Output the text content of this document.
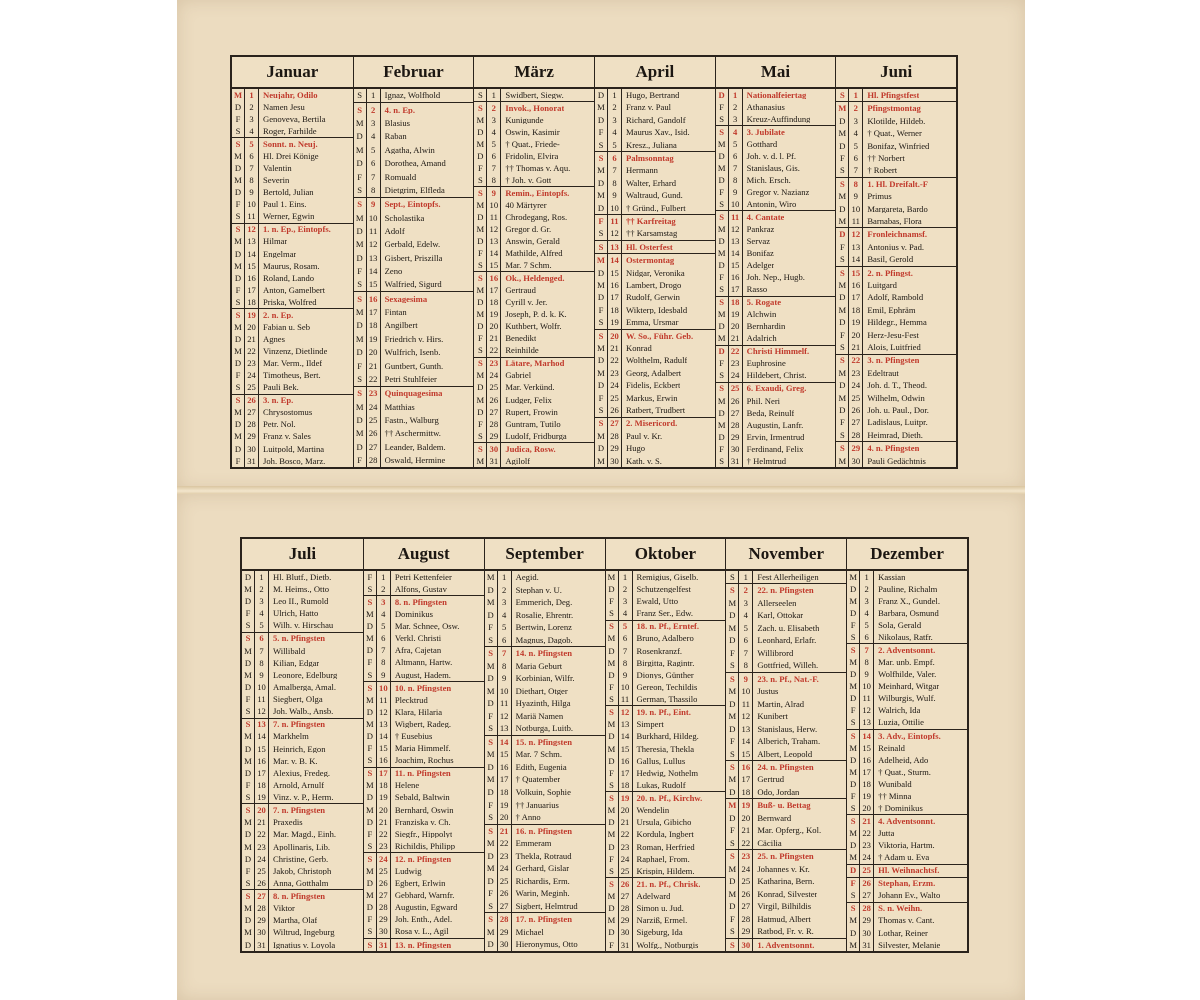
Januar
M 1	Neujahr, Odilo
D 2	Namen Jesu
F	3	Genoveva, Bertila
S	4	Roger, Farhilde
S	5	Sonnt. n. Neuj.
M 6	Hl. Drei Könige
D 7	Valentin
M 8	Severin
D 9	Bertold, Julian
F 10 Paul 1. Eins.
S 11 Werner, Egwin
S 12 1. n. Ep., Eintopfs.
M 13 Hilmar
D 14 Engelmar
M 15 Maurus, Rosam.
D 16 Roland, Lando
F 17 Anton, Gamelbert
S 18 Priska, Wolfred
S 19 2. n. Ep.
M 20 Fabian u. Seb
D 21 Agnes
M 22 Vinzenz, Dietlinde
D 23 Mar. Verm., Ildef
F 24 Timotheus, Bert.
S 25 Pauli Bek.
S 26 3. n. Ep.
M 27 Chrysostomus
D 28 Petr. Nol.
M 29 Franz v. Sales
D 30 Luitpold, Martina
F 31 Joh. Bosco, Marz.
Februar
S	1	Ignaz, Wolfhold
S	2	4. n. Ep.
M 3	Blasius
D 4	Raban
M 5	Agatha, Alwin
D 6	Dorothea, Amand
F	7	Romuald
S	8	Dietgrim, Elfleda
S	9	Sept., Eintopfs.
M 10 Scholastika
D 11 Adolf
M 12 Gerbald, Edelw.
D 13 Gisbert, Priszilla
F 14 Zeno
S 15 Walfried, Sigurd
S 16 Sexagesima
M 17 Fintan
D 18 Angilbert
M 19 Friedrich v. Hirs.
D 20 Wulfrich, Isenb.
F 21 Guntbert, Gunth.
S 22 Petri Stuhlfeier
S 23 Quinquagesima
M 24 Matthias
D 25 Fastn., Walburg
M 26 †† Aschermittw.
D 27 Leander, Baldem.
F 28 Oswald, Hermine
März
S	1	Swidbert, Siegw.
S	2	Invok., Honorat
M 3	Kunigunde
D 4	Oswin, Kasimir
M 5	† Quat., Friede-
D 6	Fridolin, Elvira
F	7	†† Thomas v. Aqu.
S	8	† Joh. v. Gott
S	9	Remin., Eintopfs.
M 10 40 Märtyrer
D 11 Chrodegang, Ros.
M 12 Gregor d. Gr.
D 13 Answin, Gerald
F 14 Mathilde, Alfred
S 15 Mar. 7 Schm.
S 16 Ok., Heldenged.
M 17 Gertraud
D 18 Cyrill v. Jer.
M 19 Joseph, P. d. k. K.
D 20 Kuthbert, Wolfr.
F 21 Benedikt
S 22 Reinhilde
S 23 Lätare, Marhod
M 24 Gabriel
D 25 Mar. Verkünd.
M 26 Ludger, Felix
D 27 Rupert, Frowin
F 28 Guntram, Tutilo
S 29 Ludolf, Fridburga
S 30 Judica, Rosw.
M 31 Agilolf
April
D 1	Hugo, Bertrand
M 2	Franz v. Paul
D 3	Richard, Gandolf
F	4	Maurus Xav., Isid.
S	5	Kresz., Juliana
S	6	Palmsonntag
M 7	Hermann
D 8	Walter, Erhard
M 9	Waltraud, Gund.
D 10 † Gründ., Fulbert
F 11 †† Karfreitag
S 12 †† Karsamstag
S 13 Hl. Osterfest
M 14 Ostermontag
D 15 Nidgar, Veronika
M 16 Lambert, Drogo
D 17 Rudolf, Gerwin
F 18 Wikterp, Idesbald
S 19 Emma, Ursmar
S 20 W. So., Führ. Geb.
M 21 Konrad
D 22 Wolthelm, Radulf
M 23 Georg, Adalbert
D 24 Fidelis, Eckbert
F 25 Markus, Erwin
S 26 Ratbert, Trudbert
S 27 2. Misericord.
M 28 Paul v. Kr.
D 29 Hugo
M 30 Kath. v. S.
Mai
D 1	Nationalfeiertag
F	2	Athanasius
S	3	Kreuz-Auffindung
S	4	3. Jubilate
M 5	Gotthard
D 6	Joh. v. d. l. Pf.
M 7	Stanislaus, Gis.
D 8	Mich. Ersch.
F	9	Gregor v. Nazianz
S 10 Antonin, Wiro
S 11 4. Cantate
M 12 Pankraz
D 13 Servaz
M 14 Bonifaz
D 15 Adelger
F 16 Joh. Nep., Hugb.
S 17 Rasso
S 18 5. Rogate
M 19 Alchwin
D 20 Bernhardin
M 21 Adalrich
D 22 Christi Himmelf.
F 23 Euphrosine
S 24 Hildebert, Christ.
S 25 6. Exaudi, Greg.
M 26 Phil. Neri
D 27 Beda, Reinulf
M 28 Augustin, Lanfr.
D 29 Ervin, Irmentrud
F 30 Ferdinand, Felix
S 31 † Helmtrud
Juni
S	1	Hl. Pfingstfest
M 2	Pfingstmontag
D 3	Klotilde, Hildeb.
M 4	† Quat., Werner
D 5	Bonifaz, Winfried
F	6	†† Norbert
S	7	† Robert
S	8	1. Hl. Dreifalt.-F
M 9	Primus
D 10 Margareta, Bardo
M 11 Barnabas, Flora
D 12 Fronleichnamsf.
F 13 Antonius v. Pad.
S 14 Basil, Gerold
S 15 2. n. Pfingst.
M 16 Luitgard
D 17 Adolf, Rambold
M 18 Emil, Ephräm
D 19 Hildegr., Hemma
F 20 Herz-Jesu-Fest
S 21 Alois, Luitfried
S 22 3. n. Pfingsten
M 23 Edeltraut
D 24 Joh. d. T., Theod.
M 25 Wilhelm, Odwin
D 26 Joh. u. Paul., Dor.
F 27 Ladislaus, Luitpr.
S 28 Heimrad, Dieth.
S 29 4. n. Pfingsten
M 30 Pauli Gedächtnis
Juli
D 1	Hl. Blutf., Dietb.
M 2	M. Heims., Otto
D 3	Leo II., Rumold
F	4	Ulrich, Hatto
S	5	Wilh. v. Hirschau
S	6	5. n. Pfingsten
M 7	Willibald
D 8	Kilian, Edgar
M 9	Leonore, Edelburg
D 10 Amalberga, Amal.
F 11 Siegbert, Olga
S 12 Joh. Walb., Ansb.
S 13 7. n. Pfingsten
M 14 Markhelm
D 15 Heinrich, Egon
M 16 Mar. v. B. K.
D 17 Alexius, Fredeg.
F 18 Arnold, Arnulf
S 19 Vinz. v. P., Herm.
S 20 7. n. Pfingsten
M 21 Praxedis
D 22 Mar. Magd., Einh.
M 23 Apollinaris, Lib.
D 24 Christine, Gerb.
F 25 Jakob, Christoph
S 26 Anna, Gotthalm
S 27 8. n. Pfingsten
M 28 Viktor
D 29 Martha, Olaf
M 30 Wiltrud, Ingeburg
D 31 Ignatius v. Loyola
August
F	1	Petri Kettenfeier
S	2	Alfons, Gustav
S	3	8. n. Pfingsten
M 4	Dominikus
D 5	Mar. Schnee, Osw.
M 6	Verkl. Christi
D 7	Afra, Cajetan
F	8	Altmann, Hartw.
S	9	August, Hadem.
S 10 10. n. Pfingsten
M 11 Plecktrud
D 12 Klara, Hilaria
M 13 Wigbert, Radeg.
D 14 † Eusebius
F 15 Maria Himmelf.
S 16 Joachim, Rochus
S 17 11. n. Pfingsten
M 18 Helene
D 19 Sebald, Baltwin
M 20 Bernhard, Oswin
D 21 Franziska v. Ch.
F 22 Siegfr., Hippolyt
S 23 Richildis, Philipp
S 24 12. n. Pfingsten
M 25 Ludwig
D 26 Egbert, Erlwin
M 27 Gebhard, Warnfr.
D 28 Augustin, Egward
F 29 Joh. Enth., Adel.
S 30 Rosa v. L., Agil
S 31 13. n. Pfingsten
September
M 1	Aegid.
D 2	Stephan v. U.
M 3	Emmerich, Deg.
D 4	Rosalie, Ehrentr.
F	5	Bertwin, Lorenz
S	6	Magnus, Dagob.
S	7	14. n. Pfingsten
M 8	Maria Geburt
D 9	Korbinian, Wilfr.
M 10 Diethart, Otger
D 11 Hyazinth, Hilga
F 12 Mariä Namen
S 13 Notburga, Luitb.
S 14 15. n. Pfingsten
M 15 Mar. 7 Schm.
D 16 Edith, Eugenia
M 17 † Quatember
D 18 Volkuin, Sophie
F 19 †† Januarius
S 20 † Anno
S 21 16. n. Pfingsten
M 22 Emmeram
D 23 Thekla, Rotraud
M 24 Gerhard, Gislar
D 25 Richardis, Erm.
F 26 Warin, Meginh.
S 27 Sigbert, Helmtrud
S 28 17. n. Pfingsten
M 29 Michael
D 30 Hieronymus, Otto
Oktober
M 1	Remigius, Giselb.
D 2	Schutzengelfest
F	3	Ewald, Utto
S	4	Franz Ser., Edw.
S	5	18. n. Pf., Erntef.
M 6	Bruno, Adalbero
D 7	Rosenkranzf.
M 8	Birgitta, Ragintr.
D 9	Dionys, Günther
F 10 Gereon, Techildis
S 11 German, Thassilo
S 12 19. n. Pf., Eint.
M 13 Simpert
D 14 Burkhard, Hildeg.
M 15 Theresia, Thekla
D 16 Gallus, Lullus
F 17 Hedwig, Nothelm
S 18 Lukas, Rudolf
S 19 20. n. Pf., Kirchw.
M 20 Wendelin
D 21 Ursula, Gibicho
M 22 Kordula, Ingbert
D 23 Roman, Herfried
F 24 Raphael, From.
S 25 Krispin, Hildem.
S 26 21. n. Pf., Chrisk.
M 27 Adelward
D 28 Simon u. Jud.
M 29 Narziß, Ermel.
D 30 Sigeburg, Ida
F 31 Wolfg., Notburgis
November
S	1	Fest Allerheiligen
S	2	22. n. Pfingsten
M 3	Allerseelen
D 4	Karl, Ottokar
M 5	Zach. u. Elisabeth
D 6	Leonhard, Erlafr.
F	7	Willibrord
S	8	Gottfried, Willeh.
S	9	23. n. Pf., Nat.-F.
M 10 Justus
D 11 Martin, Alrad
M 12 Kunibert
D 13 Stanislaus, Herw.
F 14 Alberich, Traham.
S 15 Albert, Leopold
S 16 24. n. Pfingsten
M 17 Gertrud
D 18 Odo, Jordan
M 19 Buß- u. Bettag
D 20 Bernward
F 21 Mar. Opferg., Kol.
S 22 Cäcilia
S 23 25. n. Pfingsten
M 24 Johannes v. Kr.
D 25 Katharina, Bern.
M 26 Konrad, Silvester
D 27 Virgil, Bilhildis
F 28 Hatmud, Albert
S 29 Ratbod, Fr. v. R.
S 30 1. Adventsonnt.
Dezember
M 1	Kassian
D 2	Pauline, Richalm
M 3	Franz X., Gundel.
D 4	Barbara, Osmund
F	5	Sola, Gerald
S	6	Nikolaus, Ratfr.
S	7	2. Adventsonnt.
M 8	Mar. unb. Empf.
D 9	Wolfhilde, Valer.
M 10 Meinhard, Witgar
D 11 Wilburgis, Wulf.
F 12 Walrich, Ida
S 13 Luzia, Ottilie
S 14 3. Adv., Eintopfs.
M 15 Reinald
D 16 Adelheid, Ado
M 17 † Quat., Sturm.
D 18 Wunibald
F 19 †† Minna
S 20 † Dominikus
S 21 4. Adventsonnt.
M 22 Jutta
D 23 Viktoria, Hartm.
M 24 † Adam u. Eva
D 25 Hl. Weihnachtsf.
F 26 Stephan, Erzm.
S 27 Johann Ev., Walto
S 28 S. n. Weihn.
M 29 Thomas v. Cant.
D 30 Lothar, Reiner
M 31 Silvester, Melanie
